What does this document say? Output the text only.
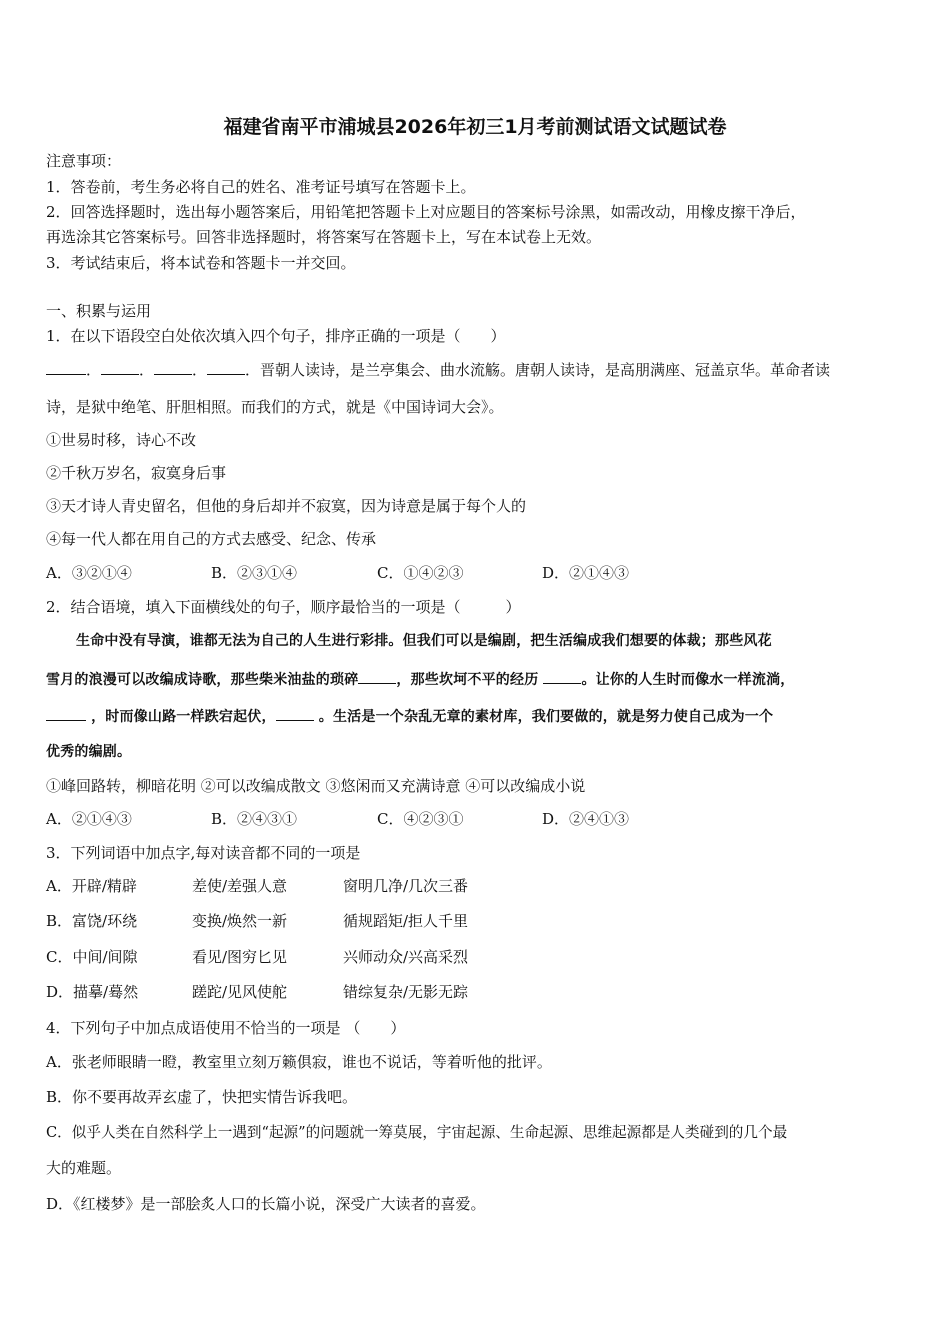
福建省南平市浦城县2026年初三1月考前测试语文试题试卷
注意事项：
1．答卷前，考生务必将自己的姓名、准考证号填写在答题卡上。
2．回答选择题时，选出每小题答案后，用铅笔把答题卡上对应题目的答案标号涂黑，如需改动，用橡皮擦干净后，
再选涂其它答案标号。回答非选择题时，将答案写在答题卡上，写在本试卷上无效。
3．考试结束后，将本试卷和答题卡一并交回。
一、积累与运用
1．在以下语段空白处依次填入四个句子，排序正确的一项是（　　）
．	．	．	．晋朝人读诗，是兰亭集会、曲水流觞。唐朝人读诗，是高朋满座、冠盖京华。革命者读
诗，是狱中绝笔、肝胆相照。而我们的方式，就是《中国诗词大会》。
①世易时移，诗心不改
②千秋万岁名，寂寞身后事
③天才诗人青史留名，但他的身后却并不寂寞，因为诗意是属于每个人的
④每一代人都在用自己的方式去感受、纪念、传承
A．③②①④	B．②③①④	C．①④②③	D．②①④③
2．结合语境，填入下面横线处的句子，顺序最恰当的一项是（　　　）
生命中没有导演，谁都无法为自己的人生进行彩排。但我们可以是编剧，把生活编成我们想要的体裁；那些风花
雪月的浪漫可以改编成诗歌，那些柴米油盐的琐碎	，那些坎坷不平的经历	。让你的人生时而像水一样流淌，
，时而像山路一样跌宕起伏，	。生活是一个杂乱无章的素材库，我们要做的，就是努力使自己成为一个
优秀的编剧。
①峰回路转，柳暗花明 ②可以改编成散文 ③悠闲而又充满诗意 ④可以改编成小说
A．②①④③	B．②④③①	C．④②③①	D．②④①③
3．下列词语中加点字,每对读音都不同的一项是
A．开辟/精辟	差使/差强人意	窗明几净/几次三番
B．富饶/环绕	变换/焕然一新	循规蹈矩/拒人千里
C．中间/间隙	看见/图穷匕见	兴师动众/兴高采烈
D．描摹/蓦然	蹉跎/见风使舵	错综复杂/无影无踪
4．下列句子中加点成语使用不恰当的一项是 （　　）
A．张老师眼睛一瞪，教室里立刻万籁俱寂，谁也不说话，等着听他的批评。
B．你不要再故弄玄虚了，快把实情告诉我吧。
C．似乎人类在自然科学上一遇到“起源”的问题就一筹莫展，宇宙起源、生命起源、思维起源都是人类碰到的几个最
大的难题。
D．《红楼梦》是一部脍炙人口的长篇小说，深受广大读者的喜爱。
